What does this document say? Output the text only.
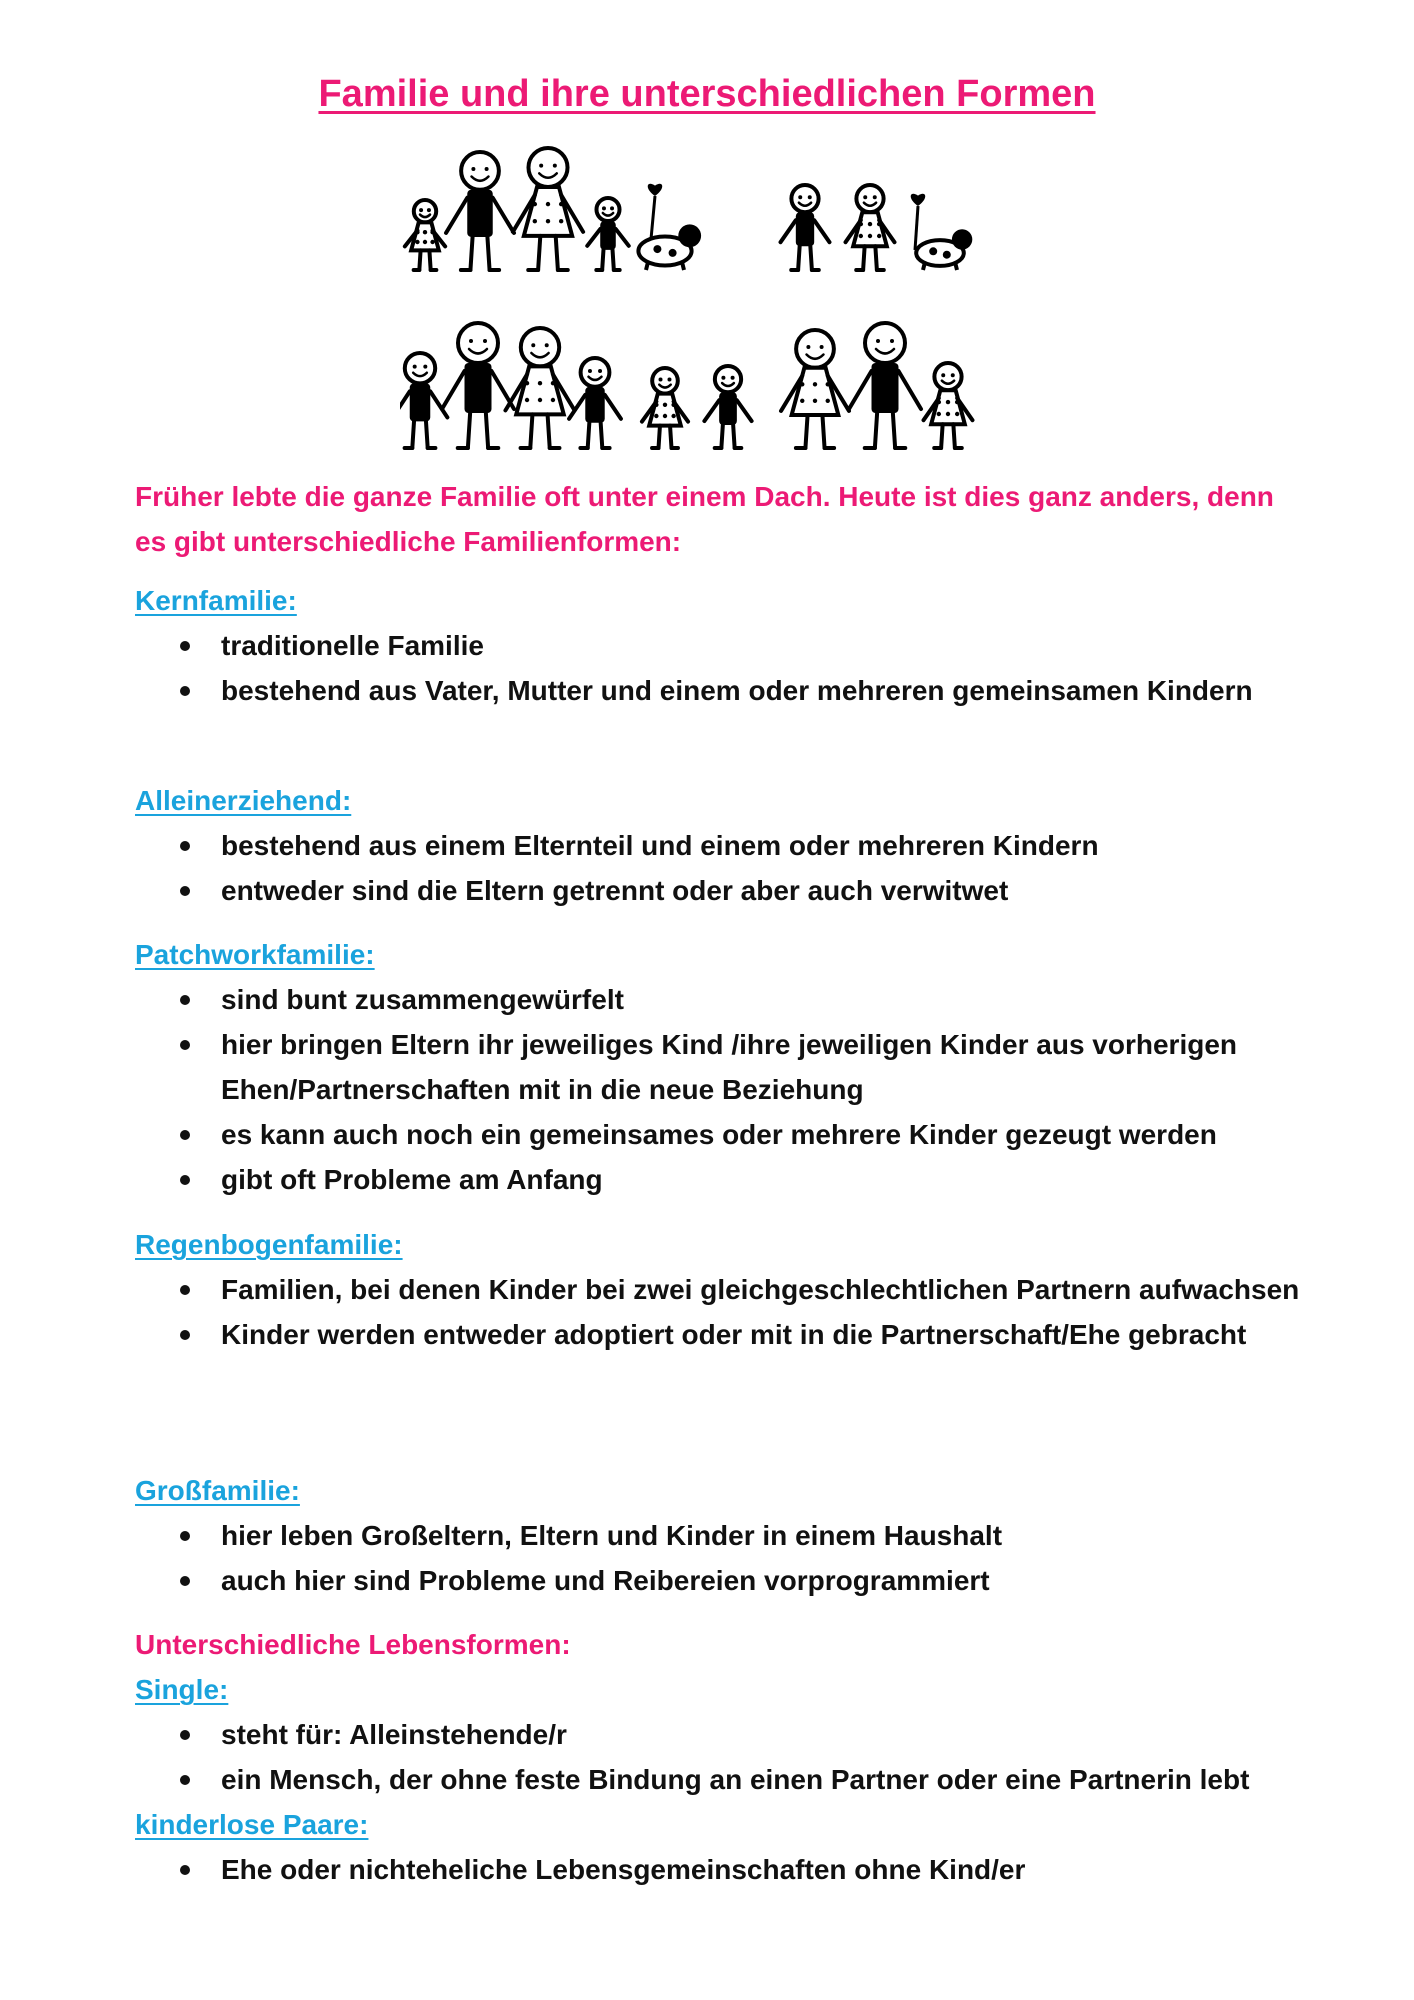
Familie und ihre unterschiedlichen Formen
Früher lebte die ganze Familie oft unter einem Dach. Heute ist dies ganz anders, denn es gibt unterschiedliche Familienformen:
Kernfamilie:
traditionelle Familie
bestehend aus Vater, Mutter und einem oder mehreren gemeinsamen Kindern
Alleinerziehend:
bestehend aus einem Elternteil und einem oder mehreren Kindern
entweder sind die Eltern getrennt oder aber auch verwitwet
Patchworkfamilie:
sind bunt zusammengewürfelt
hier bringen Eltern ihr jeweiliges Kind /ihre jeweiligen Kinder aus vorherigen Ehen/Partnerschaften mit in die neue Beziehung
es kann auch noch ein gemeinsames oder mehrere Kinder gezeugt werden
gibt oft Probleme am Anfang
Regenbogenfamilie:
Familien, bei denen Kinder bei zwei gleichgeschlechtlichen Partnern aufwachsen
Kinder werden entweder adoptiert oder mit in die Partnerschaft/Ehe gebracht
Großfamilie:
hier leben Großeltern, Eltern und Kinder in einem Haushalt
auch hier sind Probleme und Reibereien vorprogrammiert
Unterschiedliche Lebensformen:
Single:
steht für: Alleinstehende/r
ein Mensch, der ohne feste Bindung an einen Partner oder eine Partnerin lebt
kinderlose Paare:
Ehe oder nichteheliche Lebensgemeinschaften ohne Kind/er
